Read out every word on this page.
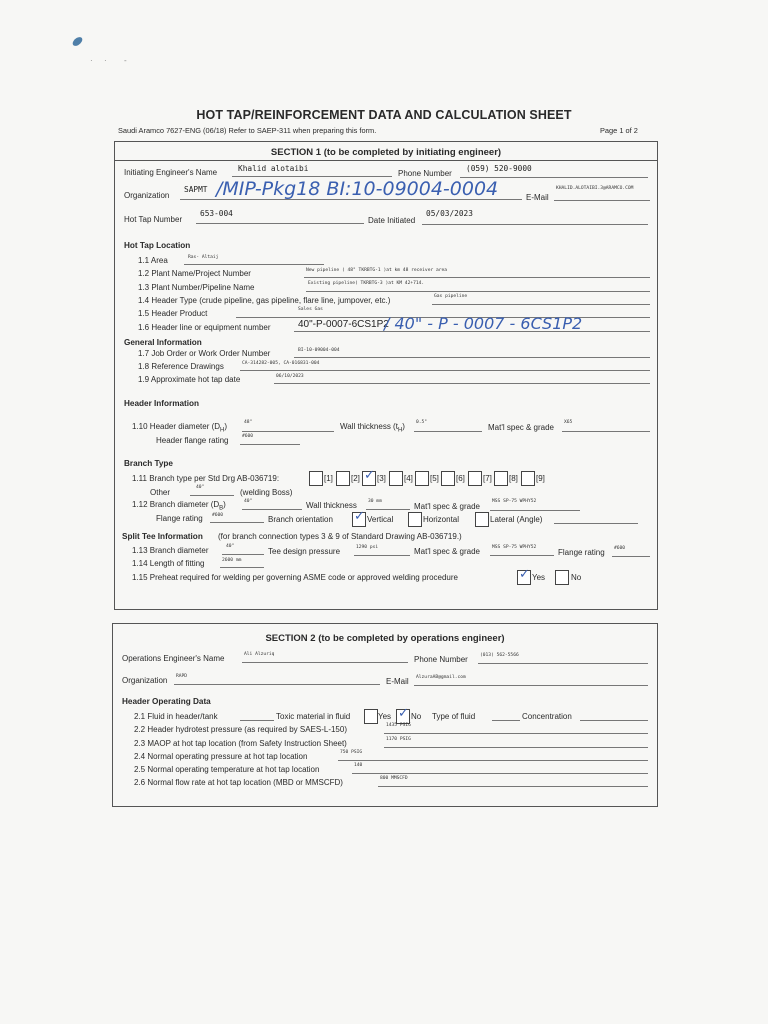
· · -
HOT TAP/REINFORCEMENT DATA AND CALCULATION SHEET
Saudi Aramco 7627-ENG (06/18) Refer to SAEP-311 when preparing this form.	Page 1 of 2
SECTION 1 (to be completed by initiating engineer)
Initiating Engineer's Name	Khalid alotaibi
Phone Number
(059) 520-9000
Organization
SAPMT /MIP-Pkg18 BI:10-09004-0004	E-Mail
KHALID.ALOTAIBI.3@ARAMCO.COM
Hot Tap Number
653-004
Date Initiated
05/03/2023
Hot Tap Location
1.1 Area	Ras- Altaij
1.2 Plant Name/Project Number	New pipeline ( 48" TKRBTG-1 )at km 48 receiver area
1.3 Plant Number/Pipeline Name	Existing pipeline( TKRBTG-3 )at KM 42+714.
1.4 Header Type (crude pipeline, gas pipeline, flare line, jumpover, etc.)	Gas pipeline
1.5 Header Product	Sales Gas
1.6 Header line or equipment number	40"-P-0007-6CS1P2
/ 40" - P - 0007 - 6CS1P2
General Information
1.7 Job Order or Work Order Number	BI-10-09004-004
1.8 Reference Drawings	CA-314282-005, CA-016831-004
1.9 Approximate hot tap date	06/10/2023
Header Information
1.10 Header diameter $(D_H)$	48"	Wall thickness $(t_H)$ 0.5"
Mat'l spec & grade
X65
Header flange rating	#600
Branch Type
1.11 Branch type per Std Drg AB-036719:	[1] [2] ✓ [3] [4] [5] [6] [7] [8] [9]
Other
40"
(welding Boss)
1.12 Branch diameter $(D_B)$	40"	Wall thickness 30 mm
Mat'l spec & grade
MSS SP-75 WPHY52
Flange rating #600	Branch orientation ✓ Vertical	Horizontal	Lateral (Angle)
Split Tee Information (for branch connection types 3 & 9 of Standard Drawing AB-036719.)
1.13 Branch diameter	40"
Tee design pressure	1290 psi	Mat'l spec & grade	MSS SP-75 WPHY52
Flange rating #600
1.14 Length of fitting	2600 mm
1.15 Preheat required for welding per governing ASME code or approved welding procedure	✓ Yes	No
SECTION 2 (to be completed by operations engineer)
Operations Engineer's Name	Ali Alzuriq
Phone Number	(013) 562-5566
Organization RAPD
E-Mail AlzuraAB@gmail.com
Header Operating Data
2.1 Fluid in header/tank	Toxic material in fluid	Yes ✓ No Type of fluid	Concentration
2.2 Header hydrotest pressure (as required by SAES-L-150)	1435 PSIG
2.3 MAOP at hot tap location (from Safety Instruction Sheet)	1170 PSIG
2.4 Normal operating pressure at hot tap location	750 PSIG
2.5 Normal operating temperature at hot tap location	140
2.6 Normal flow rate at hot tap location (MBD or MMSCFD)	800 MMSCFD
